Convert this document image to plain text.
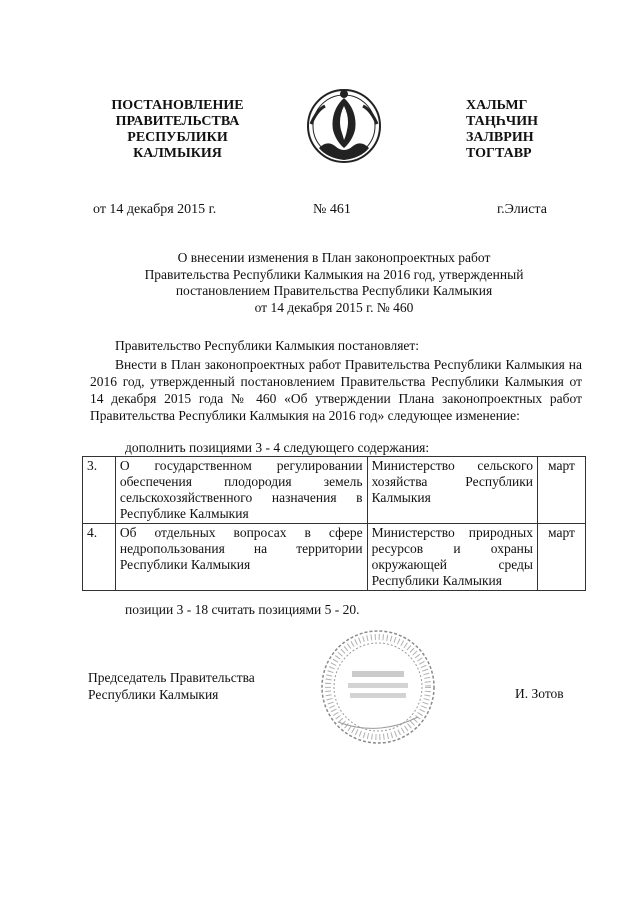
ПОСТАНОВЛЕНИЕ
ПРАВИТЕЛЬСТВА
РЕСПУБЛИКИ
КАЛМЫКИЯ
ХАЛЬМГ
ТАҢҺЧИН
ЗАЛВРИН
ТОГТАВР
от 14 декабря 2015 г.	№ 461	г.Элиста
О внесении изменения в План законопроектных работ
Правительства Республики Калмыкия на 2016 год, утвержденный
постановлением Правительства Республики Калмыкия
от 14 декабря 2015 г. № 460
Правительство Республики Калмыкия постановляет:
Внести в План законопроектных работ Правительства Республики Калмыкия на 2016 год, утвержденный постановлением Правительства Республики Калмыкия от 14 декабря 2015 года № 460 «Об утверждении Плана законопроектных работ Правительства Республики Калмыкия на 2016 год» следующее изменение:
дополнить позициями 3 - 4 следующего содержания:
3.	О государственном регулировании обеспечения плодородия земель сельскохозяйственного назначения в Республике Калмыкия	Министерство сельского хозяйства Республики Калмыкия	март
4.	Об отдельных вопросах в сфере недропользования на территории Республики Калмыкия	Министерство природных ресурсов и охраны окружающей среды Республики Калмыкия	март
позиции 3 - 18 считать позициями 5 - 20.
Председатель Правительства
Республики Калмыкия	И. Зотов
